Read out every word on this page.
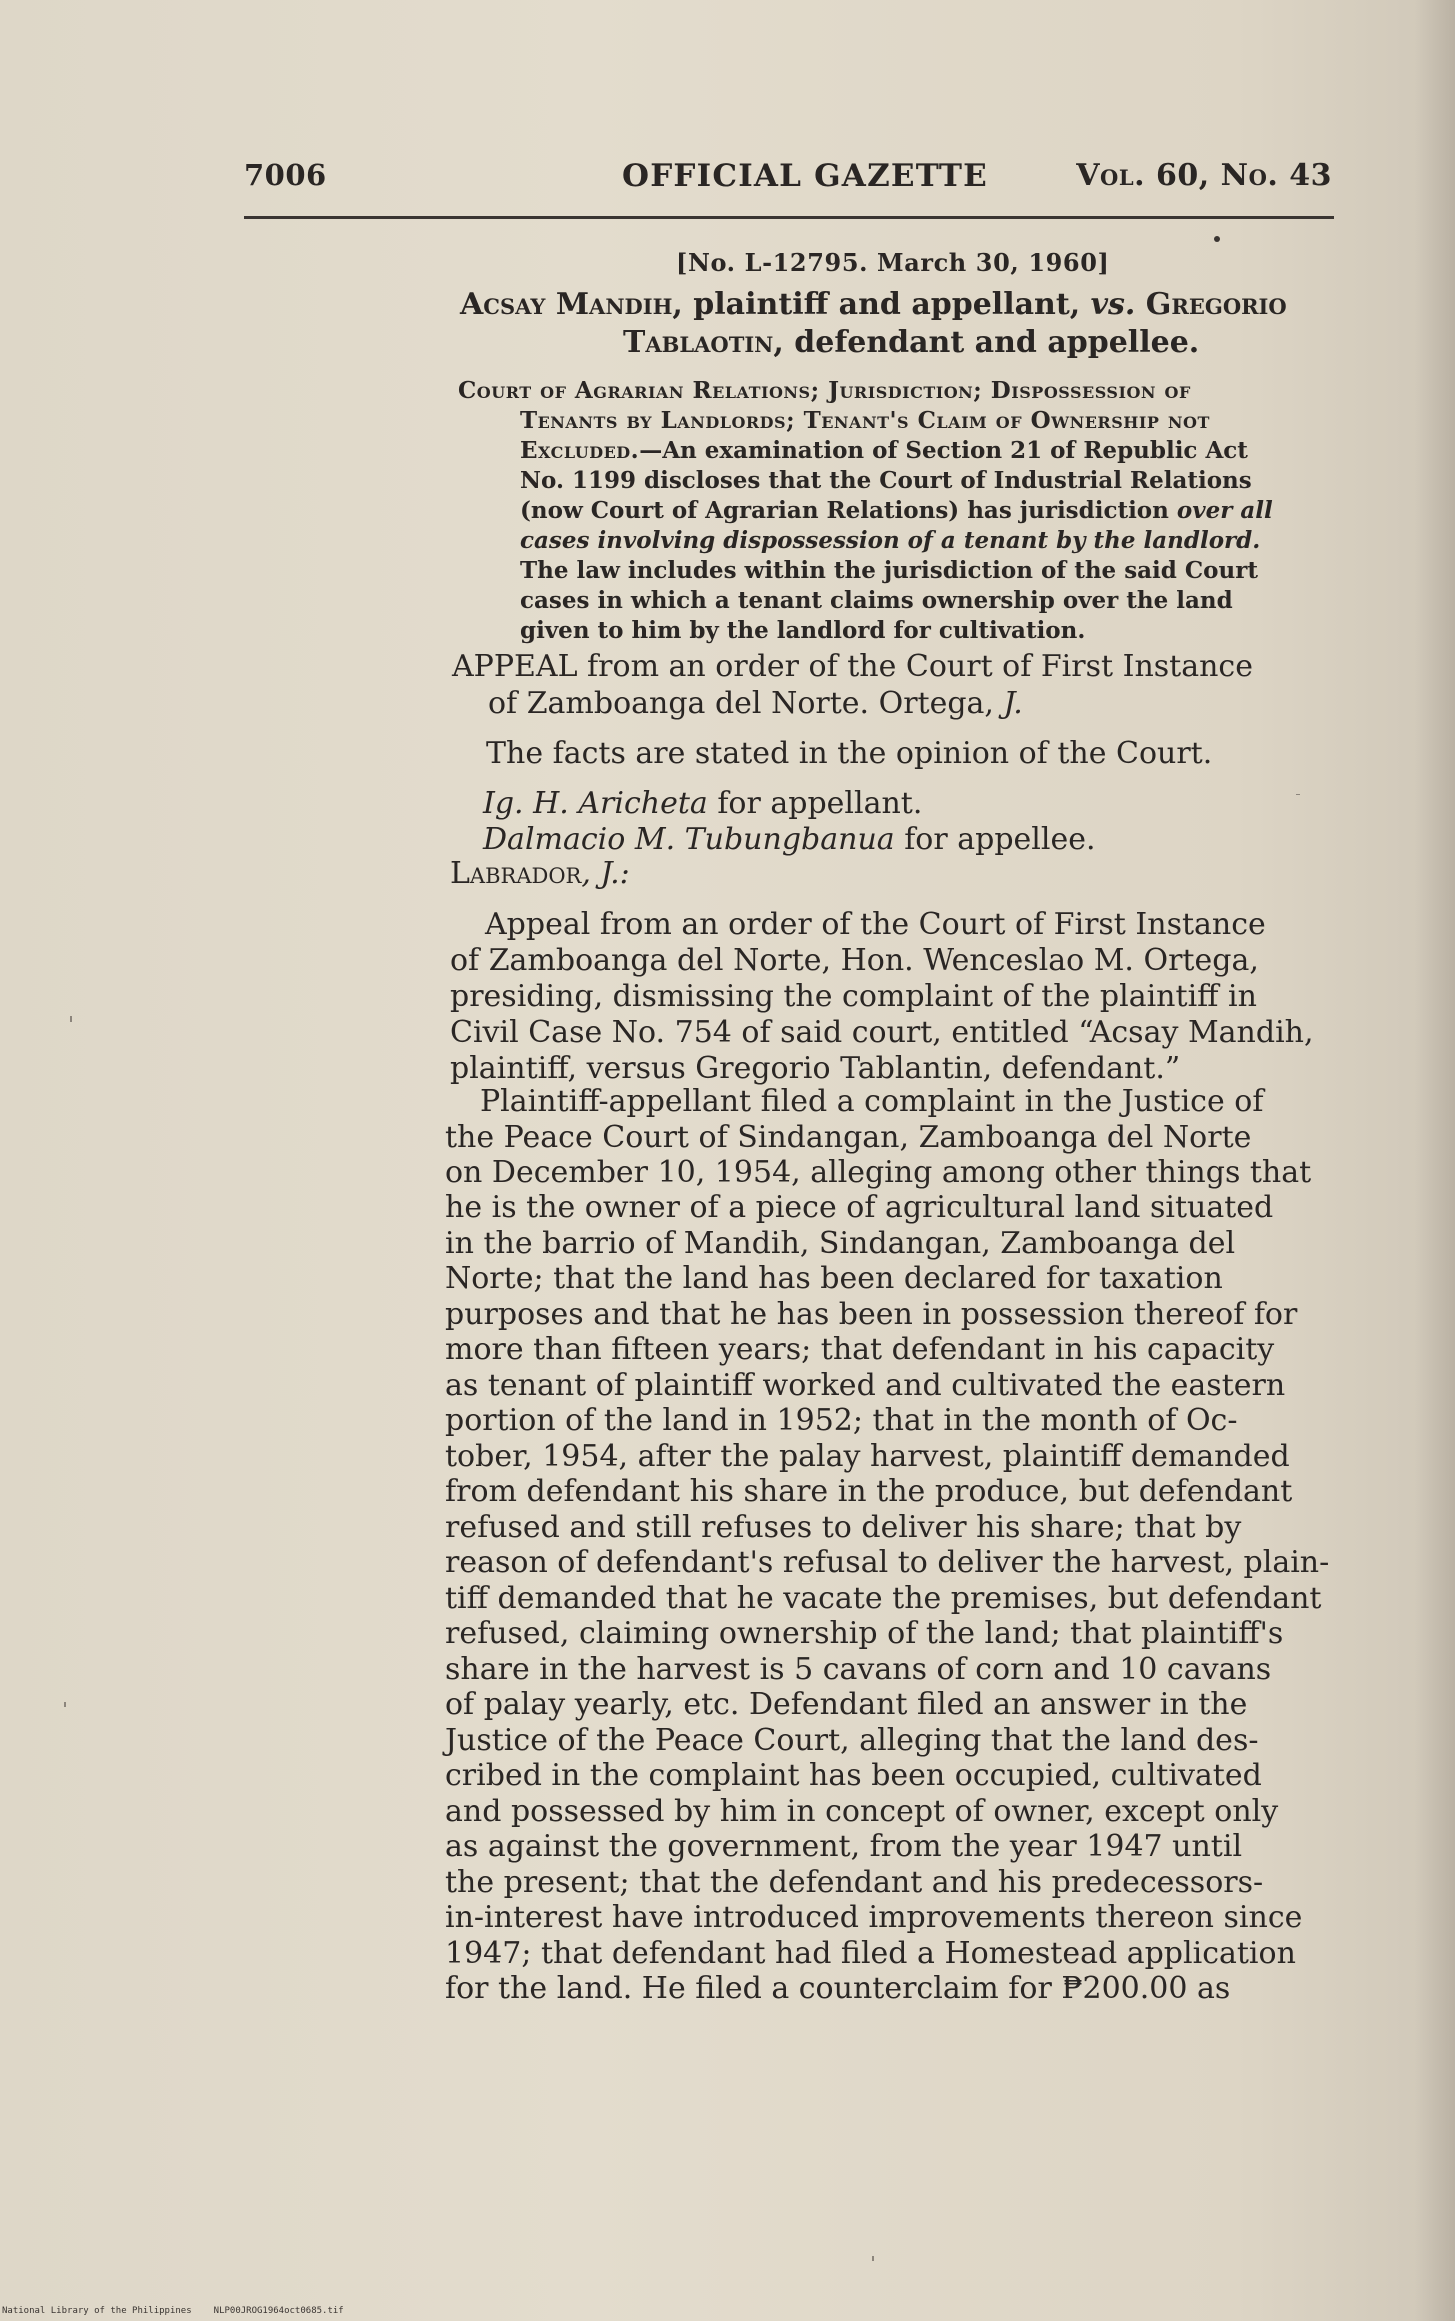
7006	OFFICIAL GAZETTE	Vol. 60, No. 43
[No. L-12795. March 30, 1960]
Acsay Mandih, plaintiff and appellant, vs. Gregorio
Tablaotin, defendant and appellee.
Court of Agrarian Relations; Jurisdiction; Dispossession of
Tenants by Landlords; Tenant's Claim of Ownership not
Excluded.—An examination of Section 21 of Republic Act
No. 1199 discloses that the Court of Industrial Relations
(now Court of Agrarian Relations) has jurisdiction over all
cases involving dispossession of a tenant by the landlord.
The law includes within the jurisdiction of the said Court
cases in which a tenant claims ownership over the land
given to him by the landlord for cultivation.
APPEAL from an order of the Court of First Instance
of Zamboanga del Norte. Ortega, J.
The facts are stated in the opinion of the Court.
Ig. H. Aricheta for appellant.
Dalmacio M. Tubungbanua for appellee.
Labrador, J.:
Appeal from an order of the Court of First Instance
of Zamboanga del Norte, Hon. Wenceslao M. Ortega,
presiding, dismissing the complaint of the plaintiff in
Civil Case No. 754 of said court, entitled “Acsay Mandih,
plaintiff, versus Gregorio Tablantin, defendant.”
Plaintiff-appellant filed a complaint in the Justice of
the Peace Court of Sindangan, Zamboanga del Norte
on December 10, 1954, alleging among other things that
he is the owner of a piece of agricultural land situated
in the barrio of Mandih, Sindangan, Zamboanga del
Norte; that the land has been declared for taxation
purposes and that he has been in possession thereof for
more than fifteen years; that defendant in his capacity
as tenant of plaintiff worked and cultivated the eastern
portion of the land in 1952; that in the month of Oc-
tober, 1954, after the palay harvest, plaintiff demanded
from defendant his share in the produce, but defendant
refused and still refuses to deliver his share; that by
reason of defendant's refusal to deliver the harvest, plain-
tiff demanded that he vacate the premises, but defendant
refused, claiming ownership of the land; that plaintiff's
share in the harvest is 5 cavans of corn and 10 cavans
of palay yearly, etc. Defendant filed an answer in the
Justice of the Peace Court, alleging that the land des-
cribed in the complaint has been occupied, cultivated
and possessed by him in concept of owner, except only
as against the government, from the year 1947 until
the present; that the defendant and his predecessors-
in-interest have introduced improvements thereon since
1947; that defendant had filed a Homestead application
for the land. He filed a counterclaim for ₱200.00 as
National Library of the Philippines NLP00JROG1964oct0685.tif
